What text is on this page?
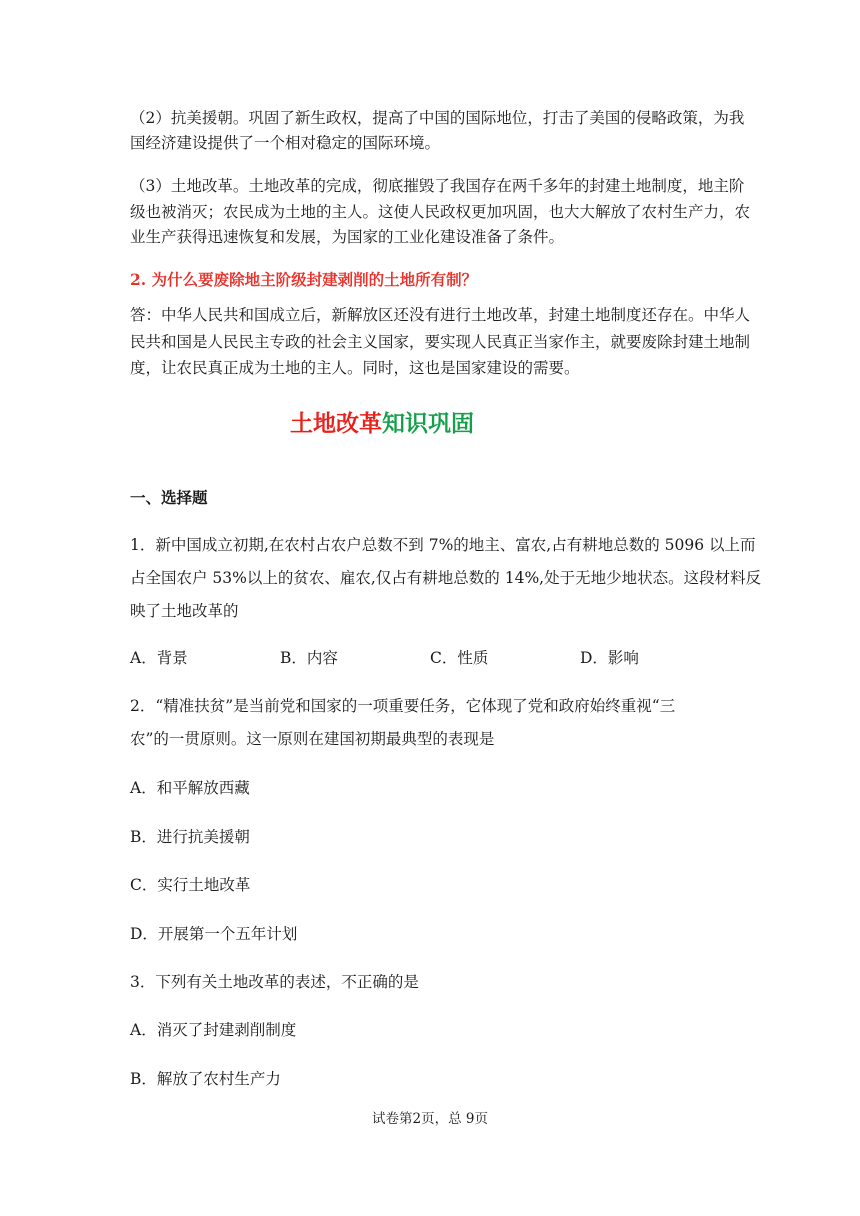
（2）抗美援朝。巩固了新生政权，提高了中国的国际地位，打击了美国的侵略政策，为我
国经济建设提供了一个相对稳定的国际环境。
（3）土地改革。土地改革的完成，彻底摧毁了我国存在两千多年的封建土地制度，地主阶
级也被消灭；农民成为土地的主人。这使人民政权更加巩固，也大大解放了农村生产力，农
业生产获得迅速恢复和发展，为国家的工业化建设准备了条件。
2. 为什么要废除地主阶级封建剥削的土地所有制？
答：中华人民共和国成立后，新解放区还没有进行土地改革，封建土地制度还存在。中华人
民共和国是人民民主专政的社会主义国家，要实现人民真正当家作主，就要废除封建土地制
度，让农民真正成为土地的主人。同时，这也是国家建设的需要。
土地改革知识巩固
一、选择题
1．新中国成立初期,在农村占农户总数不到 7%的地主、富农,占有耕地总数的 5096 以上而
占全国农户 53%以上的贫农、雇农,仅占有耕地总数的 14%,处于无地少地状态。这段材料反
映了土地改革的
A．背景	B．内容	C．性质	D．影响
2．“精准扶贫”是当前党和国家的一项重要任务，它体现了党和政府始终重视“三
农”的一贯原则。这一原则在建国初期最典型的表现是
A．和平解放西藏
B．进行抗美援朝
C．实行土地改革
D．开展第一个五年计划
3．下列有关土地改革的表述，不正确的是
A．消灭了封建剥削制度
B．解放了农村生产力
试卷第2页，总 9页
